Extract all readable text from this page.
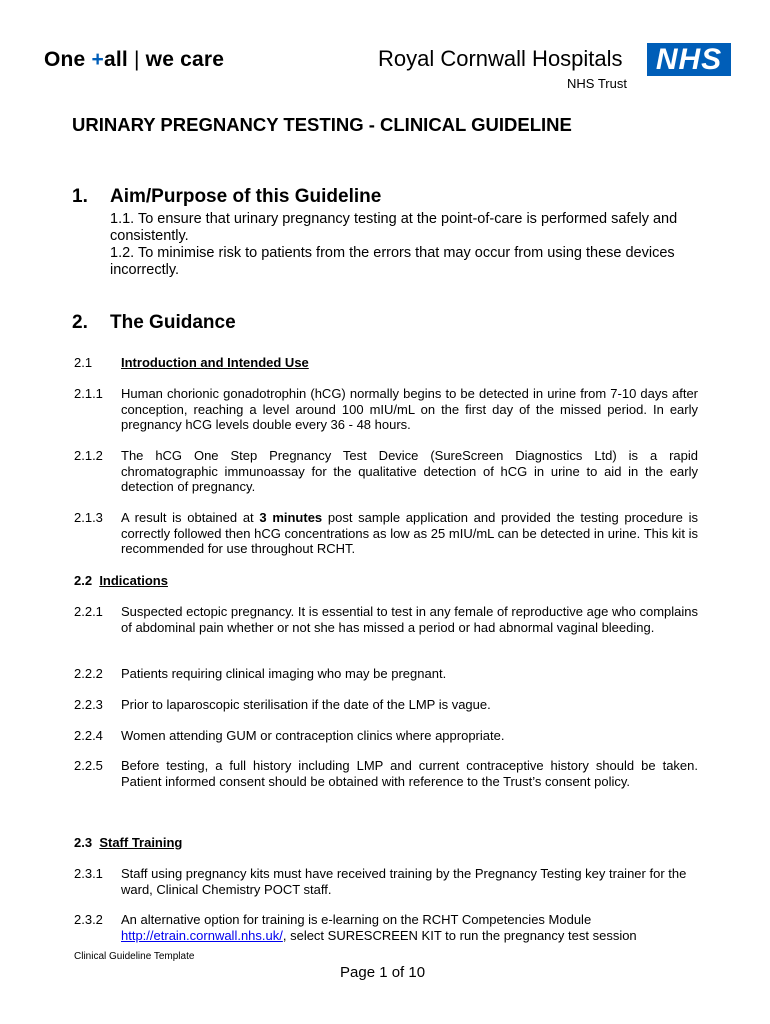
One +all | we care	Royal Cornwall Hospitals
NHS Trust
NHS
URINARY PREGNANCY TESTING - CLINICAL GUIDELINE
1. Aim/Purpose of this Guideline

1.1. To ensure that urinary pregnancy testing at the point-of-care is performed safely and consistently.

1.2. To minimise risk to patients from the errors that may occur from using these devices incorrectly.

2. The Guidance
2.1 Introduction and Intended Use
2.1.1 Human chorionic gonadotrophin (hCG) normally begins to be detected in urine from 7-10 days after conception, reaching a level around 100 mIU/mL on the first day of the missed period. In early pregnancy hCG levels double every 36 - 48 hours.
2.1.2 The hCG One Step Pregnancy Test Device (SureScreen Diagnostics Ltd) is a rapid chromatographic immunoassay for the qualitative detection of hCG in urine to aid in the early detection of pregnancy.
2.1.3 A result is obtained at 3 minutes post sample application and provided the testing procedure is correctly followed then hCG concentrations as low as 25 mIU/mL can be detected in urine. This kit is recommended for use throughout RCHT.
2.2 Indications
2.2.1 Suspected ectopic pregnancy. It is essential to test in any female of reproductive age who complains of abdominal pain whether or not she has missed a period or had abnormal vaginal bleeding.
2.2.2 Patients requiring clinical imaging who may be pregnant.
2.2.3 Prior to laparoscopic sterilisation if the date of the LMP is vague.
2.2.4 Women attending GUM or contraception clinics where appropriate.
2.2.5 Before testing, a full history including LMP and current contraceptive history should be taken. Patient informed consent should be obtained with reference to the Trust’s consent policy.
2.3 Staff Training
2.3.1 Staff using pregnancy kits must have received training by the Pregnancy Testing key trainer for the ward, Clinical Chemistry POCT staff.
2.3.2 An alternative option for training is e-learning on the RCHT Competencies Module
http://etrain.cornwall.nhs.uk/, select SURESCREEN KIT to run the pregnancy test session
Clinical Guideline Template
Page 1 of 10
